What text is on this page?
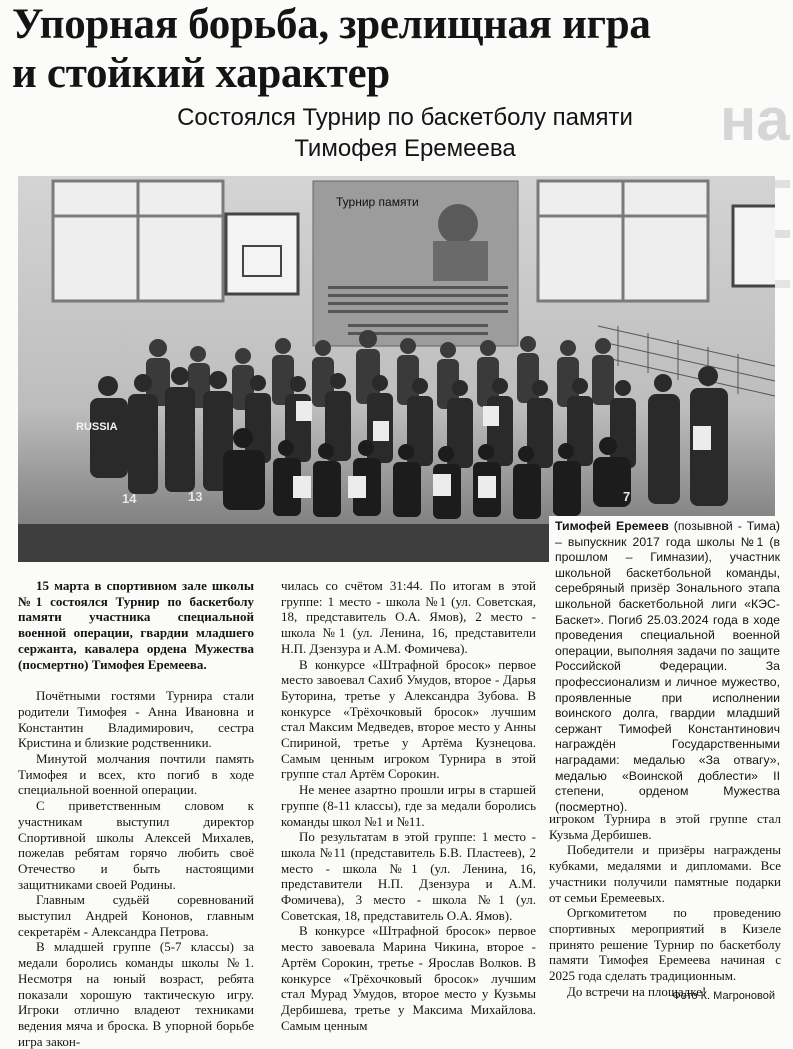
Упорная борьба, зрелищная игра
и стойкий характер
на
Состоялся Турнир по баскетболу памяти
Тимофея Еремеева
Турнир памяти
RUSSIA
14	13	7
Тимофей Еремеев (позывной - Тима) – выпускник 2017 года школы №1 (в прошлом – Гимназии), участник школьной баскетбольной команды, серебряный призёр Зонального этапа школьной баскетбольной лиги «КЭС-Баскет». Погиб 25.03.2024 года в ходе проведения специальной военной операции, выполняя задачи по защите Российской Федерации. За профессионализм и личное мужество, проявленные при исполнении воинского долга, гвардии младший сержант Тимофей Константинович награждён Государственными наградами: медалью «За отвагу», медалью «Воинской доблести» II степени, орденом Мужества (посмертно).

15 марта в спортивном зале школы №1 состоялся Турнир по баскетболу памяти участника специальной военной операции, гвардии младшего сержанта, кавалера ордена Мужества (посмертно) Тимофея Еремеева.

Почётными гостями Турнира стали родители Тимофея - Анна Ивановна и Константин Владимирович, сестра Кристина и близкие родственники.

Минутой молчания почтили память Тимофея и всех, кто погиб в ходе специальной военной операции.

С приветственным словом к участникам выступил директор Спортивной школы Алексей Михалев, пожелав ребятам горячо любить своё Отечество и быть настоящими защитниками своей Родины.

Главным судьёй соревнований выступил Андрей Кононов, главным секретарём - Александра Петрова.

В младшей группе (5-7 классы) за медали боролись команды школы №1. Несмотря на юный возраст, ребята показали хорошую тактическую игру. Игроки отлично владеют техниками ведения мяча и броска. В упорной борьбе игра закон-

чилась со счётом 31:44. По итогам в этой группе: 1 место - школа №1 (ул. Советская, 18, представитель О.А. Ямов), 2 место - школа №1 (ул. Ленина, 16, представители Н.П. Дзензура и А.М. Фомичева).

В конкурсе «Штрафной бросок» первое место завоевал Сахиб Умудов, второе - Дарья Буторина, третье у Александра Зубова. В конкурсе «Трёхочковый бросок» лучшим стал Максим Медведев, второе место у Анны Спириной, третье у Артёма Кузнецова. Самым ценным игроком Турнира в этой группе стал Артём Сорокин.

Не менее азартно прошли игры в старшей группе (8-11 классы), где за медали боролись команды школ №1 и №11.

По результатам в этой группе: 1 место - школа №11 (представитель Б.В. Пластеев), 2 место - школа №1 (ул. Ленина, 16, представители Н.П. Дзензура и А.М. Фомичева), 3 место - школа №1 (ул. Советская, 18, представитель О.А. Ямов).

В конкурсе «Штрафной бросок» первое место завоевала Марина Чикина, второе - Артём Сорокин, третье - Ярослав Волков. В конкурсе «Трёхочковый бросок» лучшим стал Мурад Умудов, второе место у Кузьмы Дербишева, третье у Максима Михайлова. Самым ценным

игроком Турнира в этой группе стал Кузьма Дербишев.

Победители и призёры награждены кубками, медалями и дипломами. Все участники получили памятные подарки от семьи Еремеевых.

Оргкомитетом по проведению спортивных мероприятий в Кизеле принято решение Турнир по баскетболу памяти Тимофея Еремеева начиная с 2025 года сделать традиционным.

До встречи на площадке!

Фото К. Магроновой
